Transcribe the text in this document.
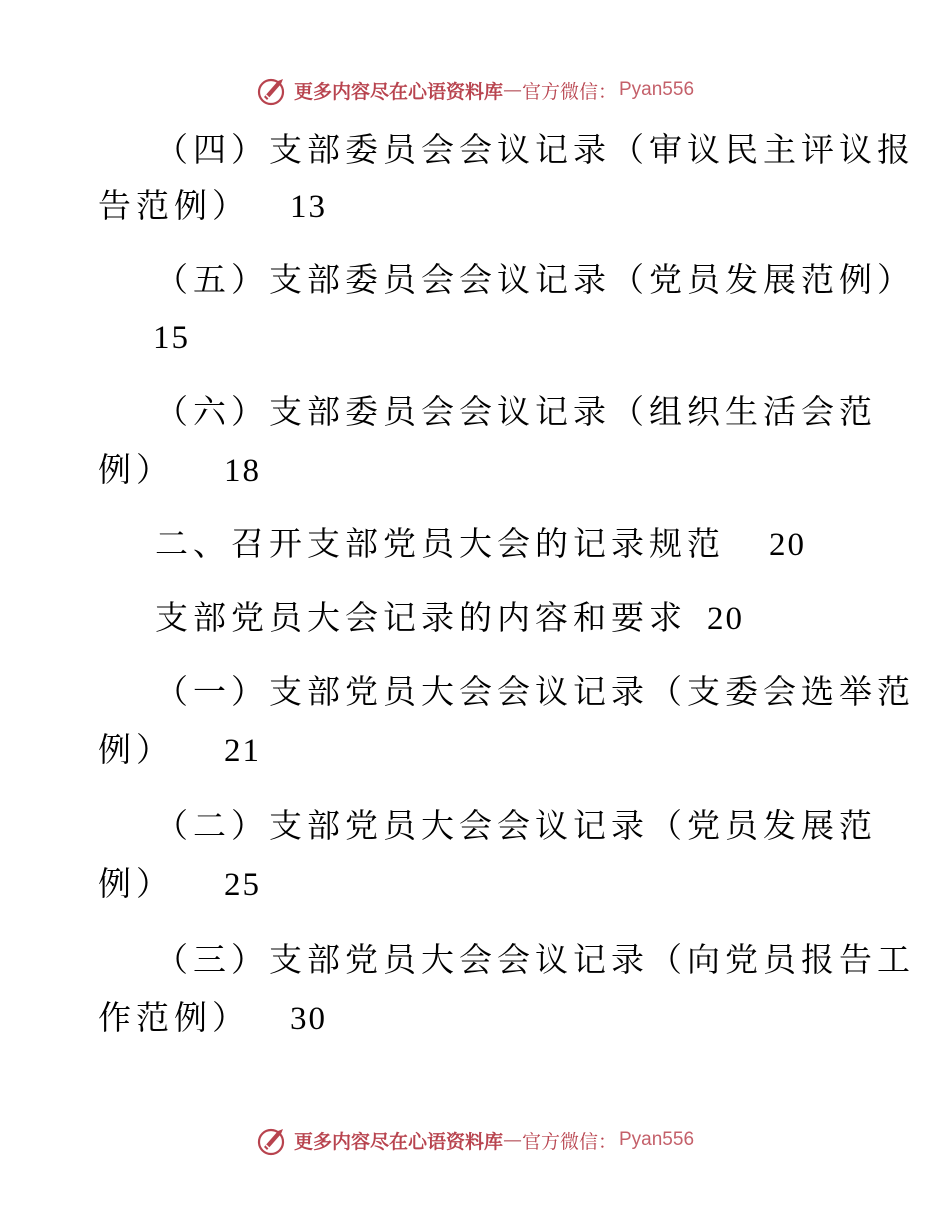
更多内容尽在心语资料库 — 官方微信： Pyan556
（四）支部委员会会议记录（审议民主评议报
告范例） 13
（五）支部委员会会议记录（党员发展范例）
15
（六）支部委员会会议记录（组织生活会范
例） 18
二、召开支部党员大会的记录规范 20
支部党员大会记录的内容和要求 20
（一）支部党员大会会议记录（支委会选举范
例） 21
（二）支部党员大会会议记录（党员发展范
例） 25
（三）支部党员大会会议记录（向党员报告工
作范例） 30
更多内容尽在心语资料库 — 官方微信： Pyan556
